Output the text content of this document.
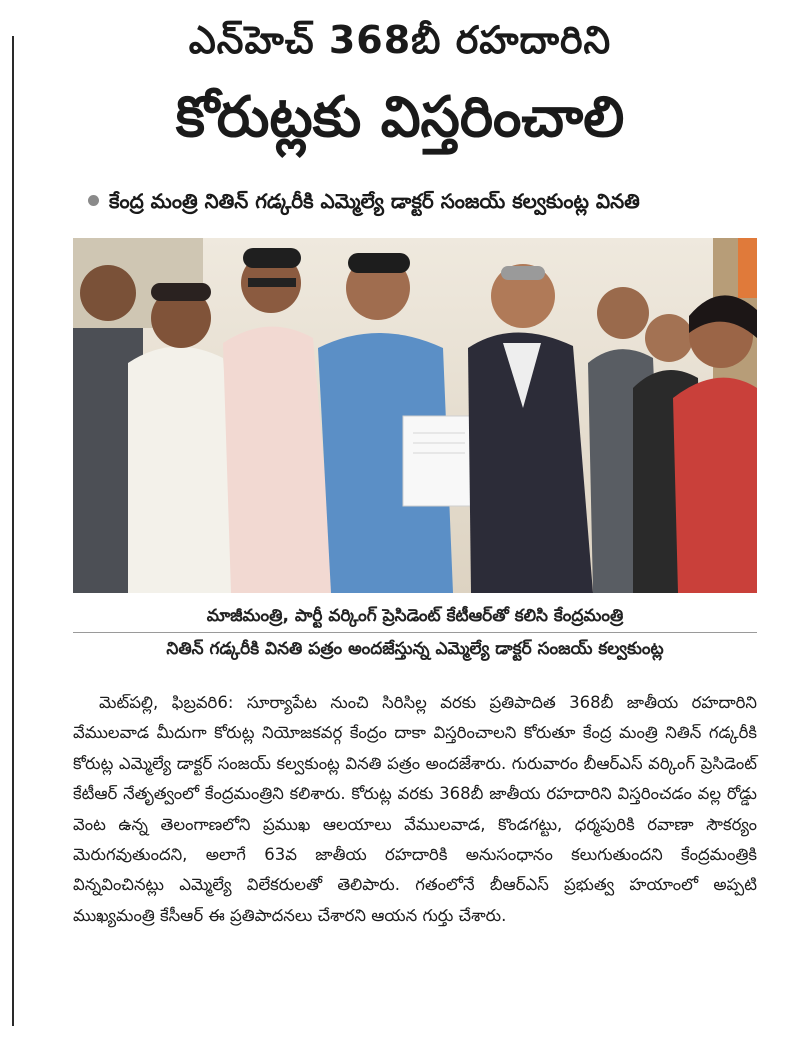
ఎన్‌హెచ్ 368బీ రహదారిని
కోరుట్లకు విస్తరించాలి
కేంద్ర మంత్రి నితిన్ గడ్కరీకి ఎమ్మెల్యే డాక్టర్ సంజయ్ కల్వకుంట్ల వినతి
మాజీమంత్రి, పార్టీ వర్కింగ్ ప్రెసిడెంట్ కేటీఆర్‌తో కలిసి కేంద్రమంత్రి
నితిన్ గడ్కరీకి వినతి పత్రం అందజేస్తున్న ఎమ్మెల్యే డాక్టర్ సంజయ్ కల్వకుంట్ల

మెట్‌పల్లి, ఫిబ్రవరి6: సూర్యాపేట నుంచి సిరిసిల్ల వరకు ప్రతిపాదిత 368బీ జాతీయ రహదారిని వేములవాడ మీదుగా కోరుట్ల నియోజకవర్గ కేంద్రం దాకా విస్తరించాలని కోరుతూ కేంద్ర మంత్రి నితిన్ గడ్కరీకి కోరుట్ల ఎమ్మెల్యే డాక్టర్ సంజయ్ కల్వకుంట్ల వినతి పత్రం అందజేశారు. గురువారం బీఆర్‌ఎస్ వర్కింగ్ ప్రెసిడెంట్ కేటీఆర్ నేతృత్వంలో కేంద్రమంత్రిని కలిశారు. కోరుట్ల వరకు 368బీ జాతీయ రహదారిని విస్తరించడం వల్ల రోడ్డు వెంట ఉన్న తెలంగాణలోని ప్రముఖ ఆలయాలు వేములవాడ, కొండగట్టు, ధర్మపురికి రవాణా సౌకర్యం మెరుగవుతుందని, అలాగే 63వ జాతీయ రహదారికి అనుసంధానం కలుగుతుందని కేంద్రమంత్రికి విన్నవించినట్లు ఎమ్మెల్యే విలేకరులతో తెలిపారు. గతంలోనే బీఆర్‌ఎస్ ప్రభుత్వ హయాంలో అప్పటి ముఖ్యమంత్రి కేసీఆర్ ఈ ప్రతిపాదనలు చేశారని ఆయన గుర్తు చేశారు.
